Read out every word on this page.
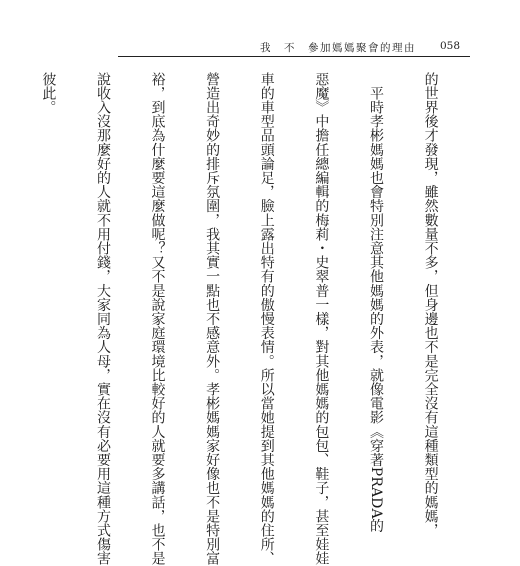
我　不　參加媽媽聚會的理由 058

的世界後才發現，雖然數量不多，但身邊也不是完全沒有這種類型的媽媽，

　平時孝彬媽媽也會特別注意其他媽媽的外表，就像電影《穿著PRADA的

惡魔》中擔任總編輯的梅莉・史翠普一樣，對其他媽媽的包包、鞋子，甚至娃娃

車的車型品頭論足，臉上露出特有的傲慢表情。所以當她提到其他媽媽的住所、

營造出奇妙的排斥氛圍，我其實一點也不感意外。孝彬媽媽家好像也不是特別富

裕，到底為什麼要這麼做呢？又不是說家庭環境比較好的人就要多講話，也不是

說收入沒那麼好的人就不用付錢，大家同為人母，實在沒有必要用這種方式傷害

彼此。
